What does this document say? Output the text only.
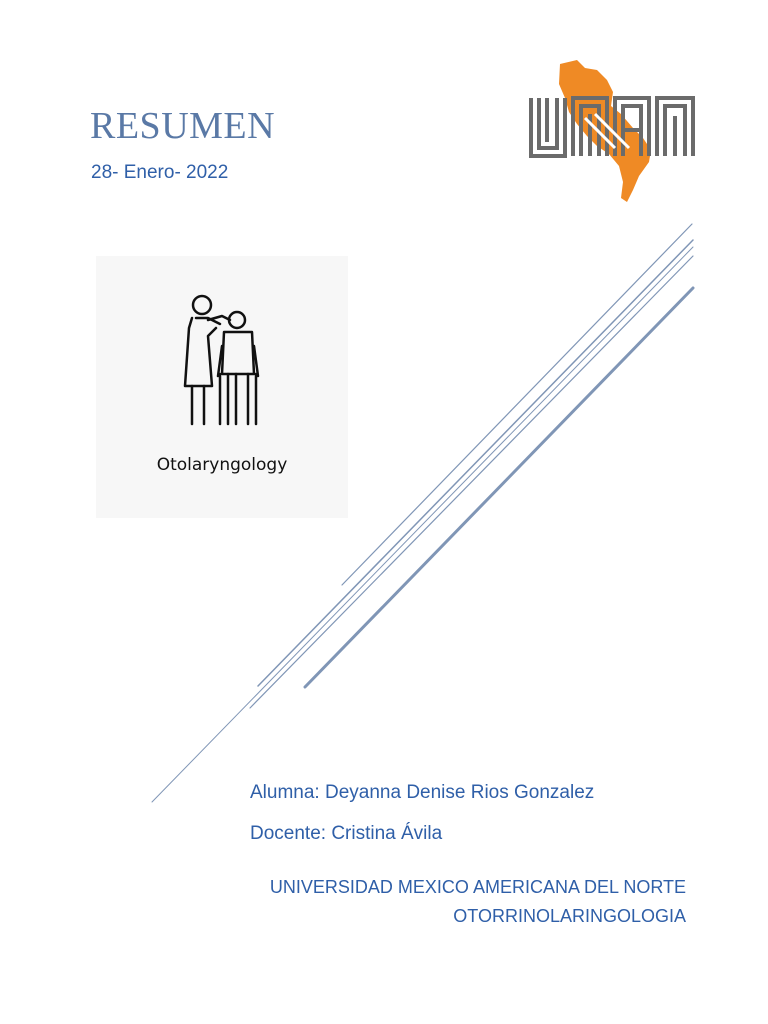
RESUMEN
28- Enero- 2022
Otolaryngology
Alumna: Deyanna Denise Rios Gonzalez
Docente: Cristina Ávila
UNIVERSIDAD MEXICO AMERICANA DEL NORTE
OTORRINOLARINGOLOGIA
